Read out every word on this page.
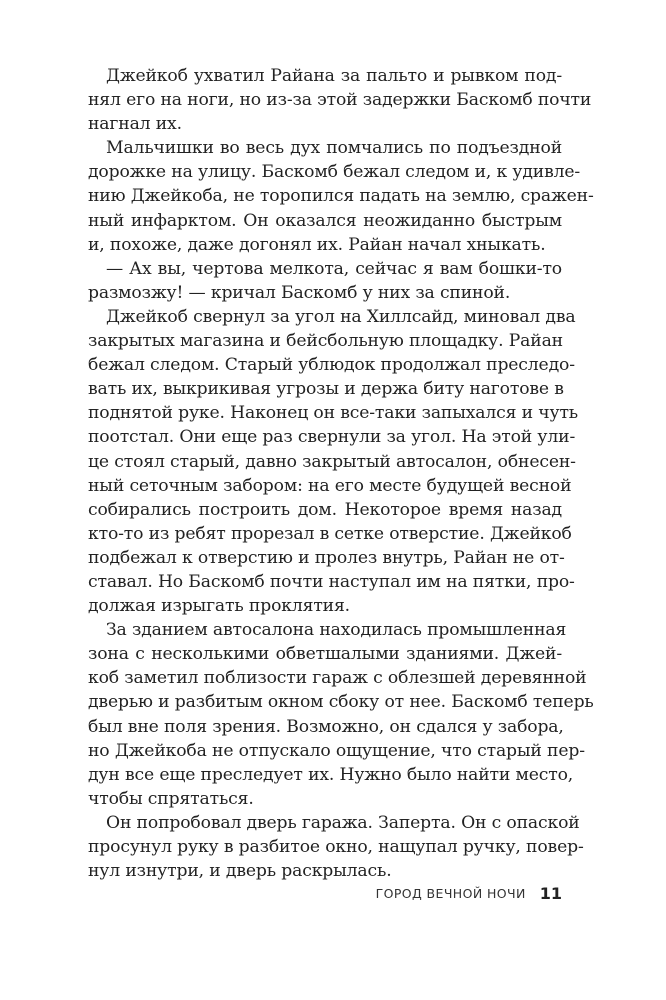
Джейкоб ухватил Райана за пальто и рывком под-
нял его на ноги, но из-за этой задержки Баскомб почти
нагнал их.
Мальчишки во весь дух помчались по подъездной
дорожке на улицу. Баскомб бежал следом и, к удивле-
нию Джейкоба, не торопился падать на землю, сражен-
ный инфарктом. Он оказался неожиданно быстрым
и, похоже, даже догонял их. Райан начал хныкать.
— Ах вы, чертова мелкота, сейчас я вам бошки-то
размозжу! — кричал Баскомб у них за спиной.
Джейкоб свернул за угол на Хиллсайд, миновал два
закрытых магазина и бейсбольную площадку. Райан
бежал следом. Старый ублюдок продолжал преследо-
вать их, выкрикивая угрозы и держа биту наготове в
поднятой руке. Наконец он все-таки запыхался и чуть
поотстал. Они еще раз свернули за угол. На этой ули-
це стоял старый, давно закрытый автосалон, обнесен-
ный сеточным забором: на его месте будущей весной
собирались построить дом. Некоторое время назад
кто-то из ребят прорезал в сетке отверстие. Джейкоб
подбежал к отверстию и пролез внутрь, Райан не от-
ставал. Но Баскомб почти наступал им на пятки, про-
должая изрыгать проклятия.
За зданием автосалона находилась промышленная
зона с несколькими обветшалыми зданиями. Джей-
коб заметил поблизости гараж с облезшей деревянной
дверью и разбитым окном сбоку от нее. Баскомб теперь
был вне поля зрения. Возможно, он сдался у забора,
но Джейкоба не отпускало ощущение, что старый пер-
дун все еще преследует их. Нужно было найти место,
чтобы спрятаться.
Он попробовал дверь гаража. Заперта. Он с опаской
просунул руку в разбитое окно, нащупал ручку, повер-
нул изнутри, и дверь раскрылась.
ГОРОД ВЕЧНОЙ НОЧИ 11
